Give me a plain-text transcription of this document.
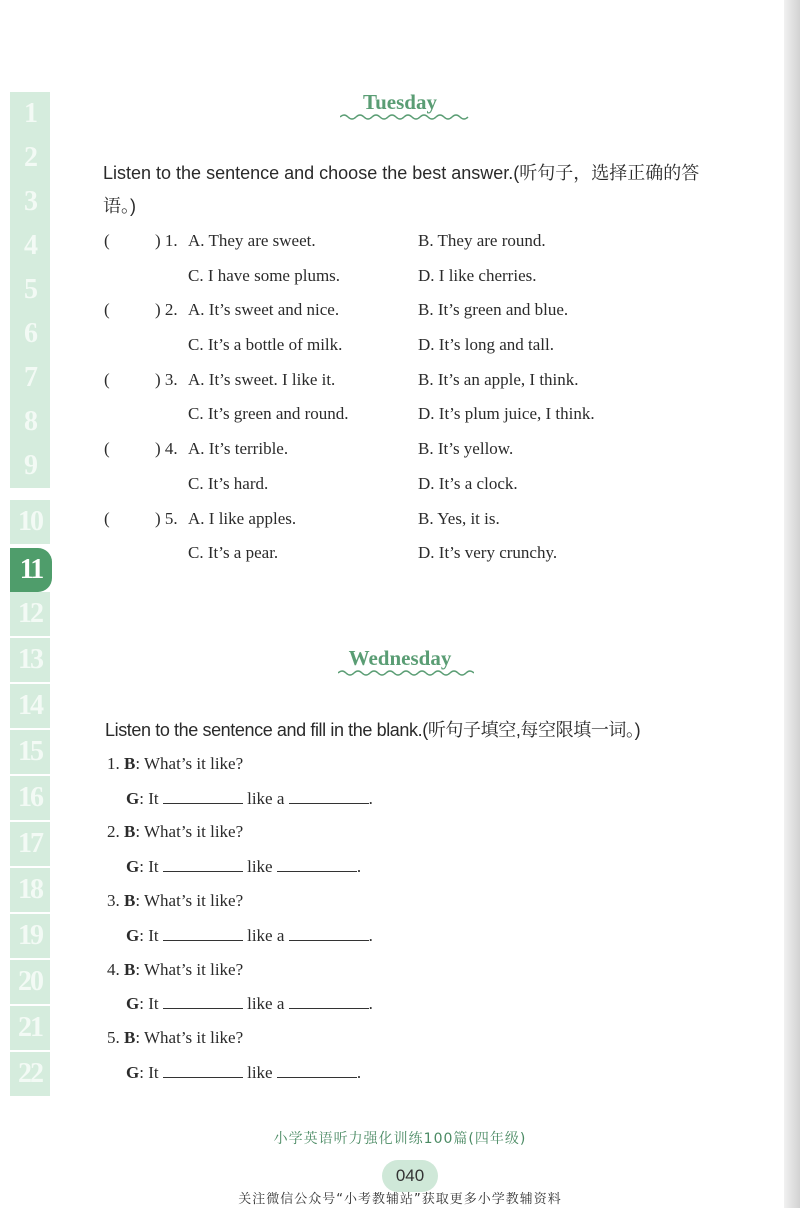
1
2
3
4
5
6
7
8
9
10
11
12
13
14
15
16
17
18
19
20
21
22
Tuesday
Listen to the sentence and choose the best answer.(听句子，选择正确的答语。)
(	) 1. A. They are sweet.	B. They are round.
C. I have some plums.	D. I like cherries.
(	) 2. A. It’s sweet and nice.	B. It’s green and blue.
C. It’s a bottle of milk.	D. It’s long and tall.
(	) 3. A. It’s sweet. I like it.	B. It’s an apple, I think.
C. It’s green and round.	D. It’s plum juice, I think.
(	) 4. A. It’s terrible.	B. It’s yellow.
C. It’s hard.	D. It’s a clock.
(	) 5. A. I like apples.	B. Yes, it is.
C. It’s a pear.	D. It’s very crunchy.
Wednesday
Listen to the sentence and fill in the blank.(听句子填空,每空限填一词。)
1. B: What’s it like?
G: It	like a	.
2. B: What’s it like?
G: It	like	.
3. B: What’s it like?
G: It	like a	.
4. B: What’s it like?
G: It	like a	.
5. B: What’s it like?
G: It	like	.
小学英语听力强化训练100篇(四年级)
040
关注微信公众号“小考教辅站”获取更多小学教辅资料
